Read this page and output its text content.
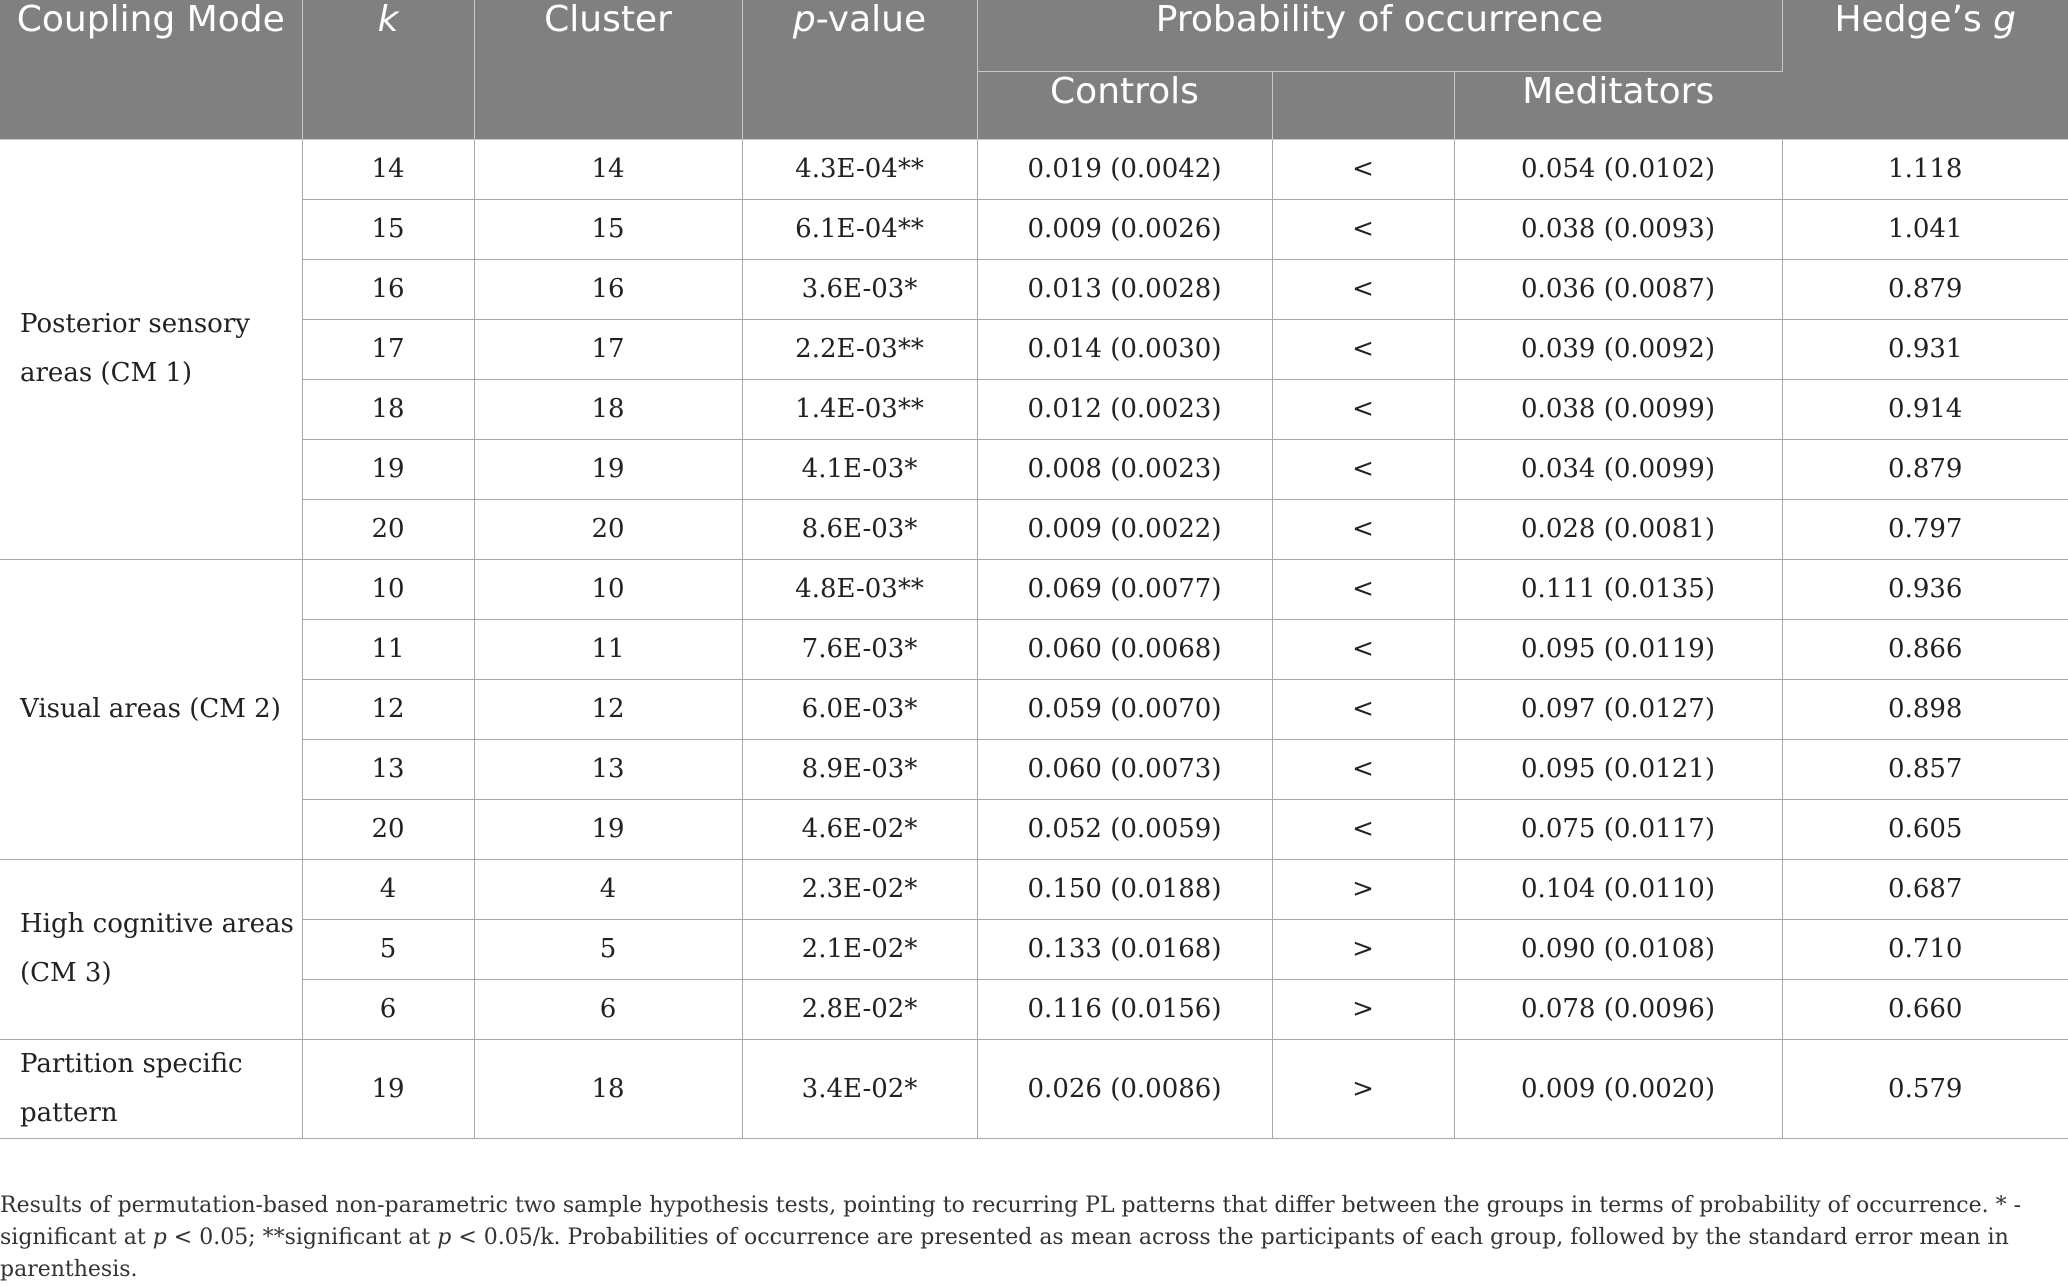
Coupling Mode	k	Cluster	p-value	Probability of occurrence			Hedge’s g
				Controls		Meditators	
Posterior sensory areas (CM 1)	14	14	4.3E-04**	0.019 (0.0042)	<	0.054 (0.0102)	1.118
	15	15	6.1E-04**	0.009 (0.0026)	<	0.038 (0.0093)	1.041
	16	16	3.6E-03*	0.013 (0.0028)	<	0.036 (0.0087)	0.879
	17	17	2.2E-03**	0.014 (0.0030)	<	0.039 (0.0092)	0.931
	18	18	1.4E-03**	0.012 (0.0023)	<	0.038 (0.0099)	0.914
	19	19	4.1E-03*	0.008 (0.0023)	<	0.034 (0.0099)	0.879
	20	20	8.6E-03*	0.009 (0.0022)	<	0.028 (0.0081)	0.797
Visual areas (CM 2)	10	10	4.8E-03**	0.069 (0.0077)	<	0.111 (0.0135)	0.936
	11	11	7.6E-03*	0.060 (0.0068)	<	0.095 (0.0119)	0.866
	12	12	6.0E-03*	0.059 (0.0070)	<	0.097 (0.0127)	0.898
	13	13	8.9E-03*	0.060 (0.0073)	<	0.095 (0.0121)	0.857
	20	19	4.6E-02*	0.052 (0.0059)	<	0.075 (0.0117)	0.605
High cognitive areas (CM 3)	4	4	2.3E-02*	0.150 (0.0188)	>	0.104 (0.0110)	0.687
	5	5	2.1E-02*	0.133 (0.0168)	>	0.090 (0.0108)	0.710
	6	6	2.8E-02*	0.116 (0.0156)	>	0.078 (0.0096)	0.660
Partition specific pattern	19	18	3.4E-02*	0.026 (0.0086)	>	0.009 (0.0020)	0.579
Results of permutation-based non-parametric two sample hypothesis tests, pointing to recurring PL patterns that differ between the groups in terms of probability of occurrence. * - significant at p < 0.05; **significant at p < 0.05/k. Probabilities of occurrence are presented as mean across the participants of each group, followed by the standard error mean in parenthesis.
